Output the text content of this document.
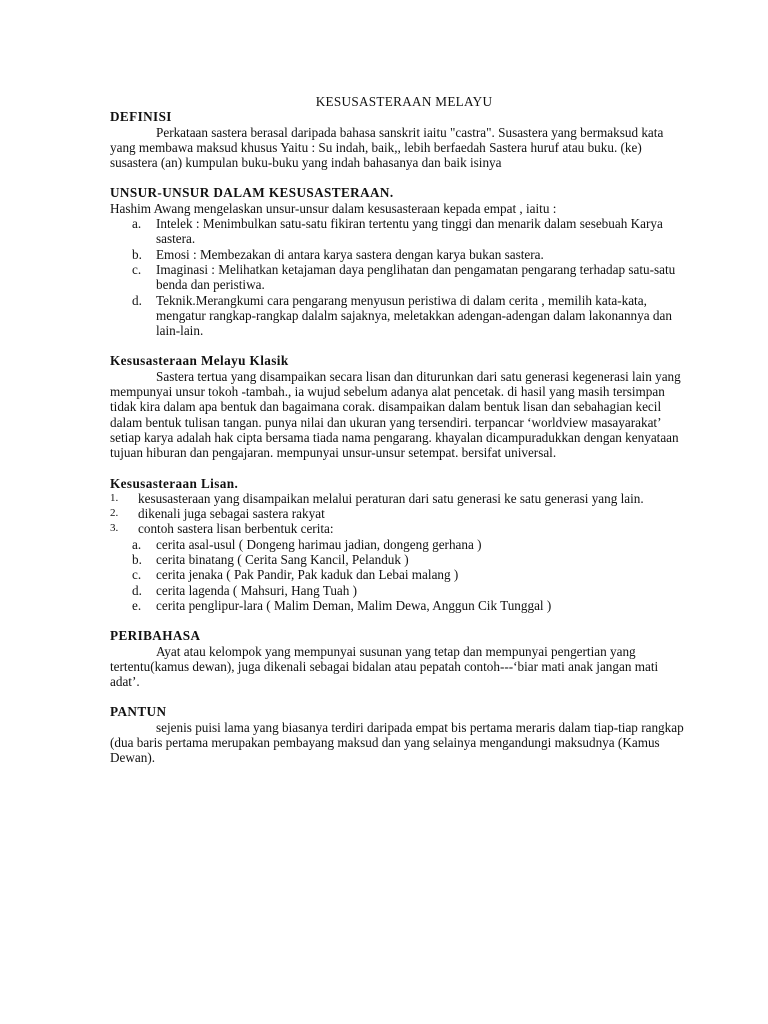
KESUSASTERAAN MELAYU
DEFINISI

Perkataan sastera berasal daripada bahasa sanskrit iaitu "castra". Susastera yang bermaksud kata yang membawa maksud khusus Yaitu : Su indah, baik,, lebih berfaedah Sastera huruf atau buku. (ke) susastera (an) kumpulan buku-buku yang indah bahasanya dan baik isinya

UNSUR-UNSUR DALAM KESUSASTERAAN.

Hashim Awang mengelaskan unsur-unsur dalam kesusasteraan kepada empat , iaitu :

a. Intelek : Menimbulkan satu-satu fikiran tertentu yang tinggi dan menarik dalam sesebuah Karya sastera.
b. Emosi : Membezakan di antara karya sastera dengan karya bukan sastera.
c. Imaginasi : Melihatkan ketajaman daya penglihatan dan pengamatan pengarang terhadap satu-satu benda dan peristiwa.
d. Teknik.Merangkumi cara pengarang menyusun peristiwa di dalam cerita , memilih kata-kata, mengatur rangkap-rangkap dalalm sajaknya, meletakkan adengan-adengan dalam lakonannya dan lain-lain.
Kesusasteraan Melayu Klasik

Sastera tertua yang disampaikan secara lisan dan diturunkan dari satu generasi kegenerasi lain yang mempunyai unsur tokoh -tambah., ia wujud sebelum adanya alat pencetak. di hasil yang masih tersimpan tidak kira dalam apa bentuk dan bagaimana corak. disampaikan dalam bentuk lisan dan sebahagian kecil dalam bentuk tulisan tangan. punya nilai dan ukuran yang tersendiri. terpancar ‘worldview masayarakat’ setiap karya adalah hak cipta bersama tiada nama pengarang. khayalan dicampuradukkan dengan kenyataan tujuan hiburan dan pengajaran. mempunyai unsur-unsur setempat. bersifat universal.

Kesusasteraan Lisan.
1. kesusasteraan yang disampaikan melalui peraturan dari satu generasi ke satu generasi yang lain.
2. dikenali juga sebagai sastera rakyat
3. contoh sastera lisan berbentuk cerita:
a. cerita asal-usul ( Dongeng harimau jadian, dongeng gerhana )
b. cerita binatang ( Cerita Sang Kancil, Pelanduk )
c. cerita jenaka ( Pak Pandir, Pak kaduk dan Lebai malang )
d. cerita lagenda ( Mahsuri, Hang Tuah )
e. cerita penglipur-lara ( Malim Deman, Malim Dewa, Anggun Cik Tunggal )
PERIBAHASA

Ayat atau kelompok yang mempunyai susunan yang tetap dan mempunyai pengertian yang tertentu(kamus dewan), juga dikenali sebagai bidalan atau pepatah contoh---‘biar mati anak jangan mati adat’.

PANTUN

sejenis puisi lama yang biasanya terdiri daripada empat bis pertama meraris dalam tiap-tiap rangkap (dua baris pertama merupakan pembayang maksud dan yang selainya mengandungi maksudnya (Kamus Dewan).
